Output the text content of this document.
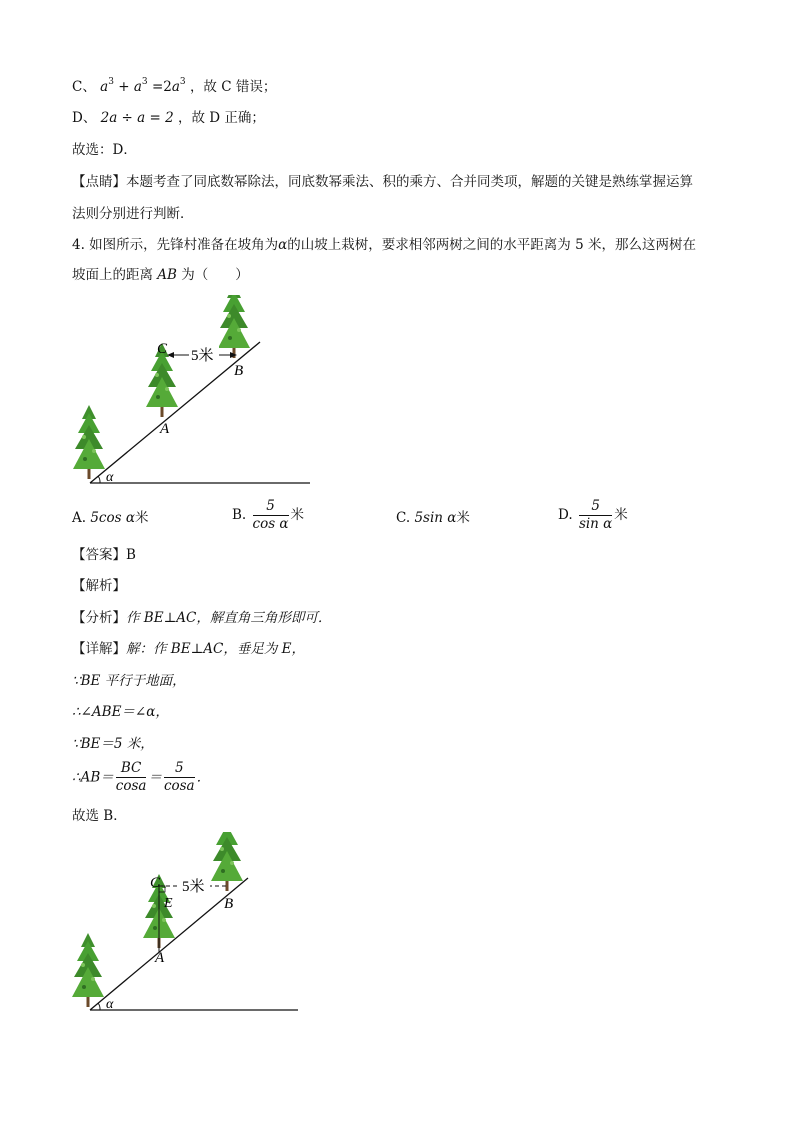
C、 $a^3 + a^3 =2a^3$ ，故 C 错误；
D、 2a ÷ a = 2 ，故 D 正确；
故选：D．
【点睛】本题考查了同底数幂除法，同底数幂乘法、积的乘方、合并同类项，解题的关键是熟练掌握运算
法则分别进行判断．
4. 如图所示，先锋村准备在坡角为α的山坡上栽树，要求相邻两树之间的水平距离为 5 米，那么这两树在
坡面上的距离 AB 为（　　）
5米
C
B
A
α
A. 5cos α米	B. $\frac{5}{\text{cos α}}$ 米	C. 5sin α米	D. $\frac{5}{\text{sin α}}$ 米
【答案】B
【解析】
【分析】作 BE⊥AC，解直角三角形即可．
【详解】解：作 BE⊥AC，垂足为 E，
∵BE 平行于地面，
∴∠ABE＝∠α，
∵BE＝5 米，
∴AB＝ $\frac{BC}{\cos a} = \frac{5}{\cos a}$ ．
故选 B．
5米
C
E	B
A
α
